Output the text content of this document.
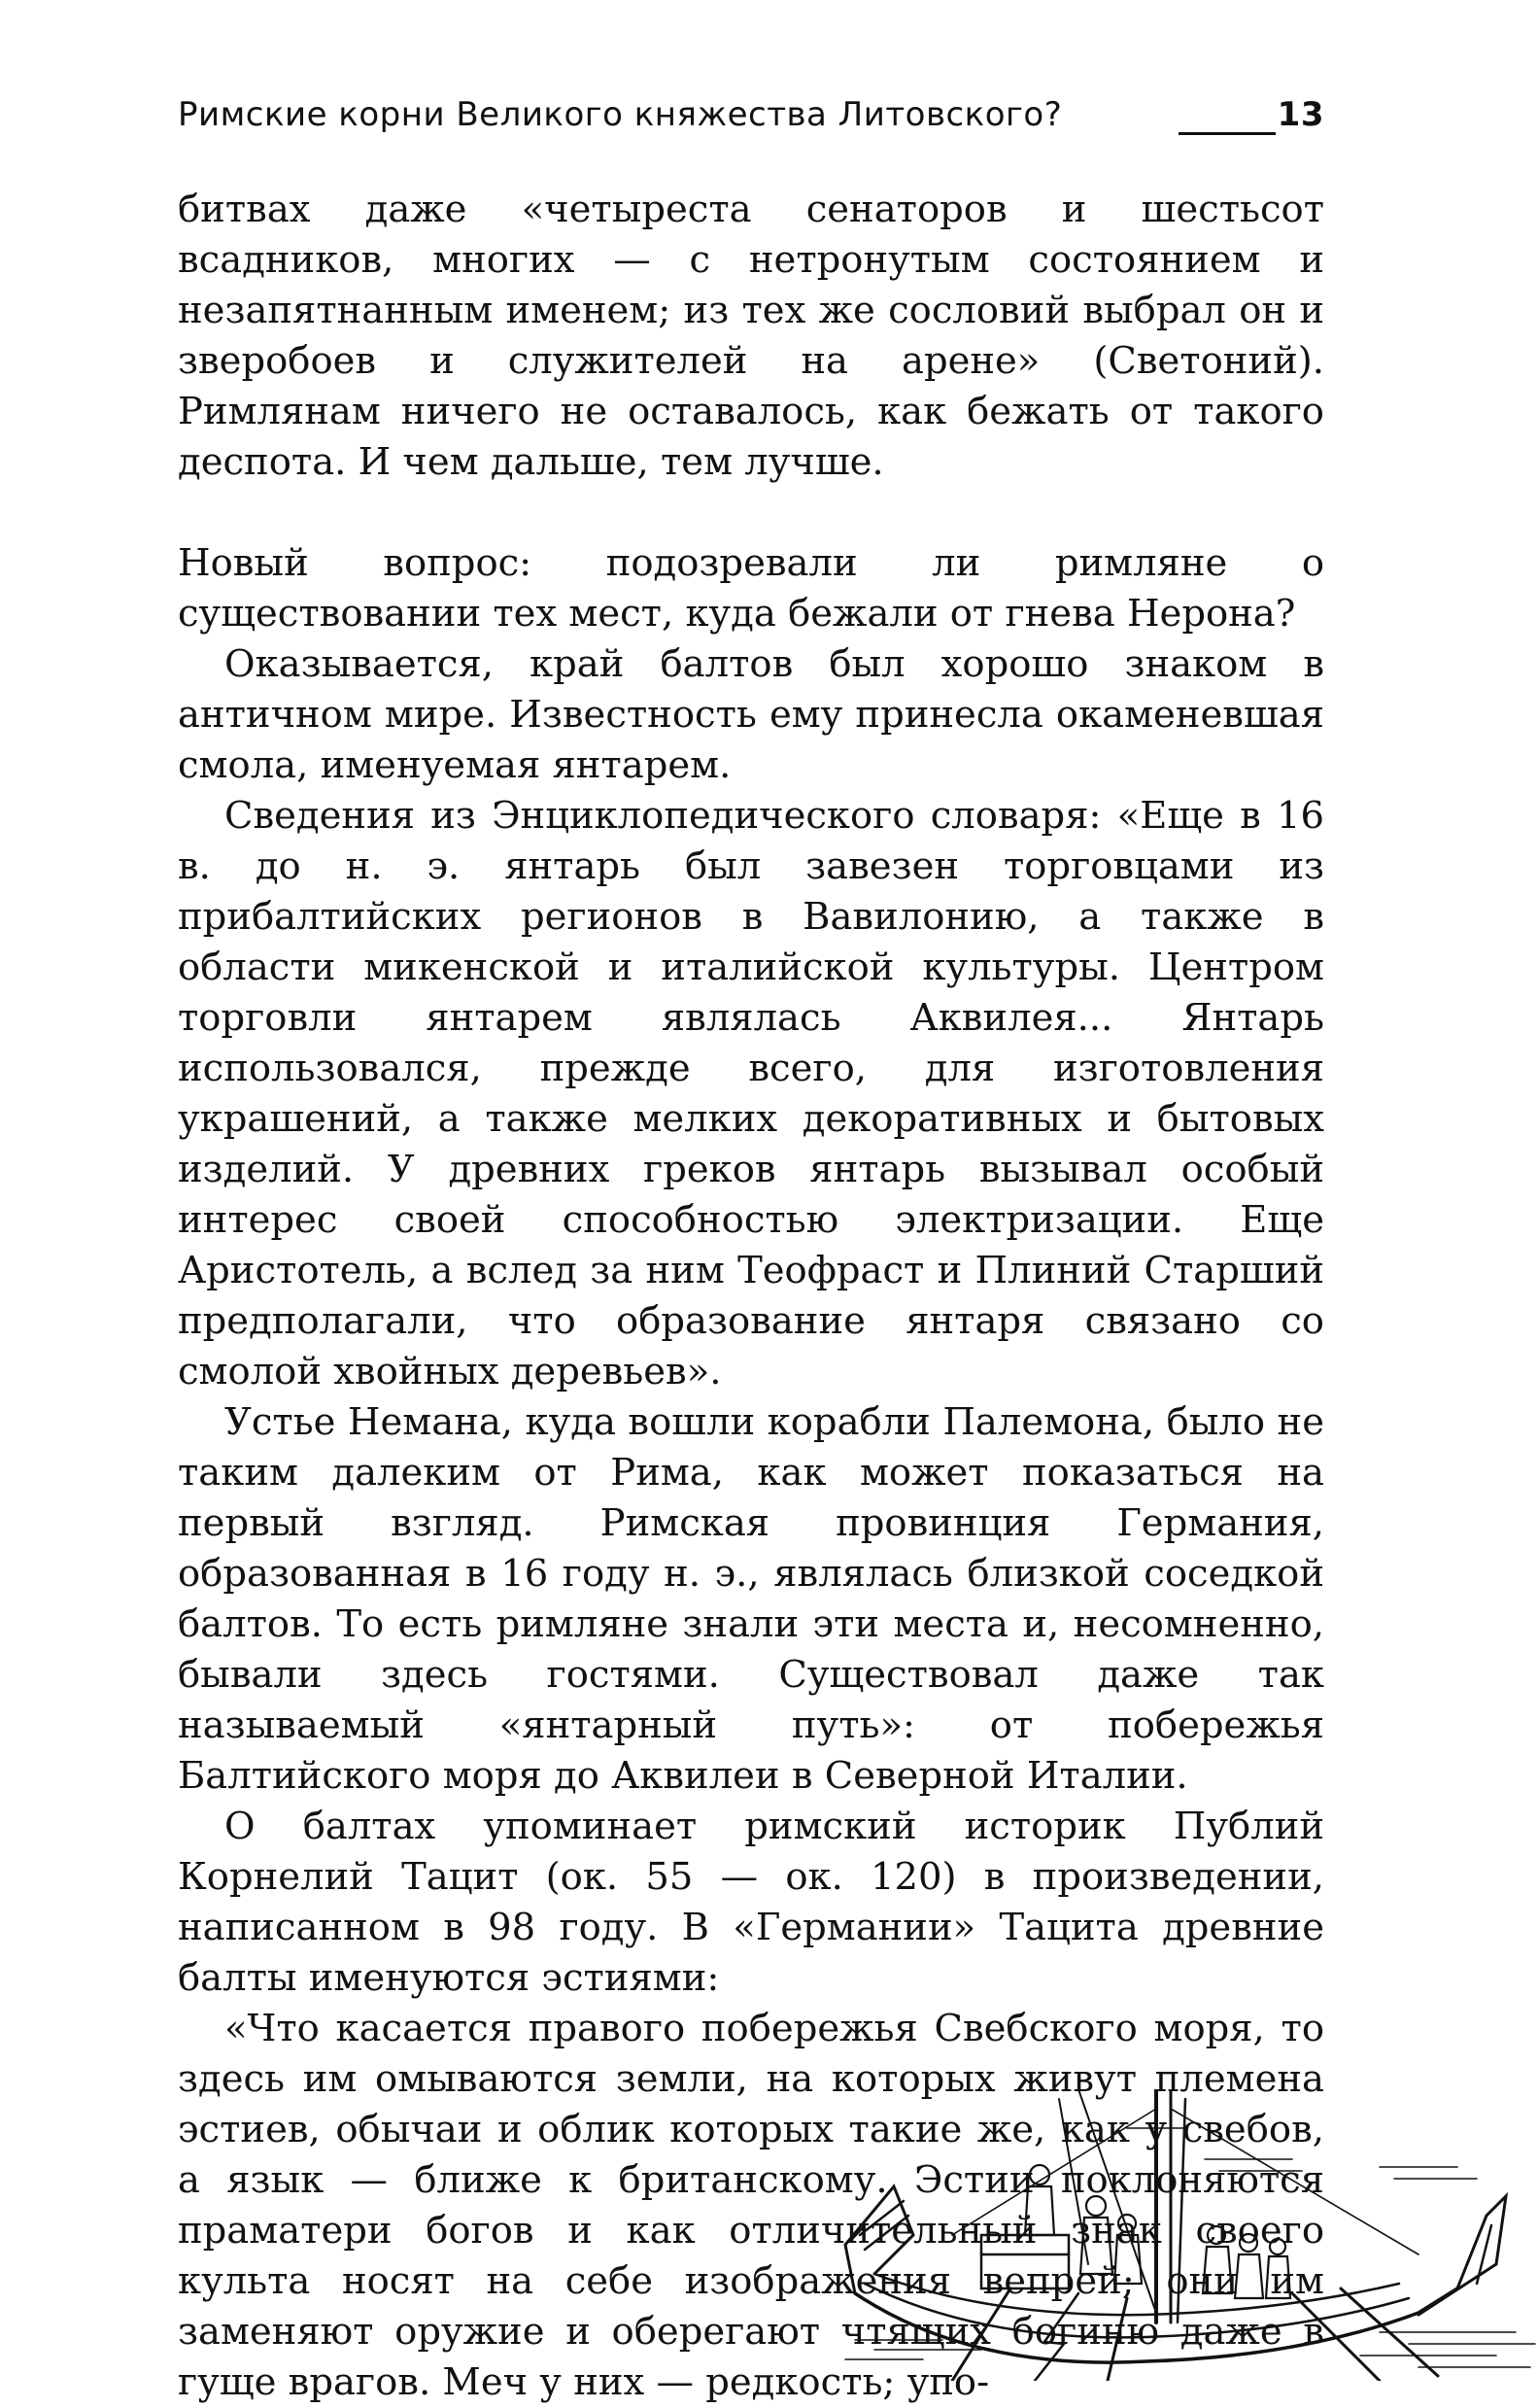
Римские корни Великого княжества Литовского?	13

битвах даже «четыреста сенаторов и шестьсот всадников, многих — с нетронутым состоянием и незапятнанным именем; из тех же сословий выбрал он и зверобоев и служителей на арене» (Светоний). Римлянам ничего не оставалось, как бежать от такого деспота. И чем дальше, тем лучше.

Новый вопрос: подозревали ли римляне о существовании тех мест, куда бежали от гнева Нерона?

Оказывается, край балтов был хорошо знаком в античном мире. Известность ему принесла окаменевшая смола, именуемая янтарем.

Сведения из Энциклопедического словаря: «Еще в 16 в. до н. э. янтарь был завезен торговцами из прибалтийских регионов в Вавилонию, а также в области микенской и италийской культуры. Центром торговли янтарем являлась Аквилея... Янтарь использовался, прежде всего, для изготовления украшений, а также мелких декоративных и бытовых изделий. У древних греков янтарь вызывал особый интерес своей способностью электризации. Еще Аристотель, а вслед за ним Теофраст и Плиний Старший предполагали, что образование янтаря связано со смолой хвойных деревьев».

Устье Немана, куда вошли корабли Палемона, было не таким далеким от Рима, как может показаться на первый взгляд. Римская провинция Германия, образованная в 16 году н. э., являлась близкой соседкой балтов. То есть римляне знали эти места и, несомненно, бывали здесь гостями. Существовал даже так называемый «янтарный путь»: от побережья Балтийского моря до Аквилеи в Северной Италии.

О балтах упоминает римский историк Публий Корнелий Тацит (ок. 55 — ок. 120) в произведении, написанном в 98 году. В «Германии» Тацита древние балты именуются эстиями:

«Что касается правого побережья Свебского моря, то здесь им омываются земли, на которых живут племена эстиев, обычаи и облик которых такие же, как у свебов, а язык — ближе к британскому. Эстии поклоняются праматери богов и как отличительный знак своего культа носят на себе изображения вепрей; они им заменяют оружие и оберегают чтящих богиню даже в гуще врагов. Меч у них — редкость; упо-
